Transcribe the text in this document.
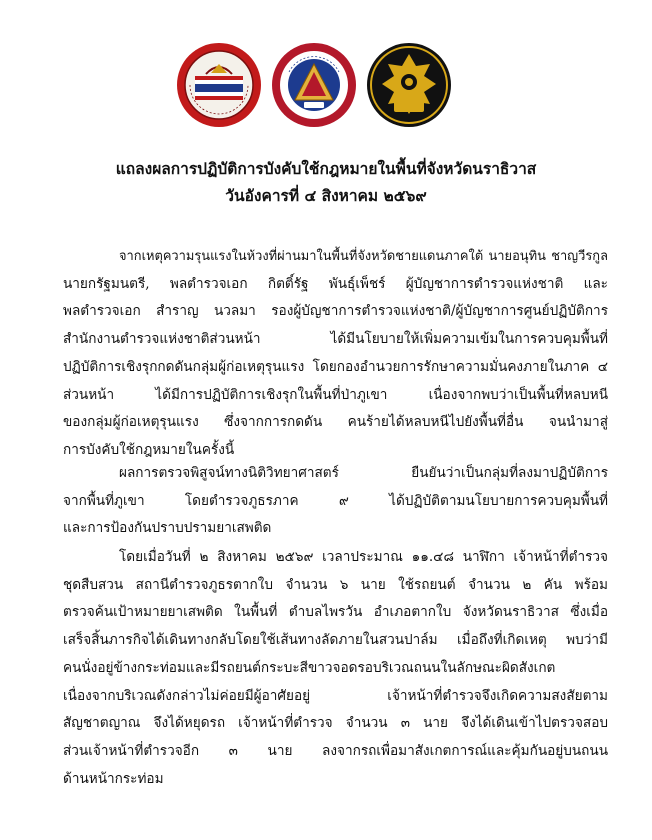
แถลงผลการปฏิบัติการบังคับใช้กฎหมายในพื้นที่จังหวัดนราธิวาส
วันอังคารที่ ๔ สิงหาคม ๒๕๖๙
จากเหตุความรุนแรงในห้วงที่ผ่านมาในพื้นที่จังหวัดชายแดนภาคใต้ นายอนุทิน ชาญวีรกูล
นายกรัฐมนตรี, พลตำรวจเอก กิตติ์รัฐ พันธุ์เพ็ชร์ ผู้บัญชาการตำรวจแห่งชาติ และ
พลตำรวจเอก สำราญ นวลมา รองผู้บัญชาการตำรวจแห่งชาติ/ผู้บัญชาการศูนย์ปฏิบัติการ
สำนักงานตำรวจแห่งชาติส่วนหน้า ได้มีนโยบายให้เพิ่มความเข้มในการควบคุมพื้นที่
ปฏิบัติการเชิงรุกกดดันกลุ่มผู้ก่อเหตุรุนแรง โดยกองอำนวยการรักษาความมั่นคงภายในภาค ๔
ส่วนหน้า ได้มีการปฏิบัติการเชิงรุกในพื้นที่ป่าภูเขา เนื่องจากพบว่าเป็นพื้นที่หลบหนี
ของกลุ่มผู้ก่อเหตุรุนแรง ซึ่งจากการกดดัน คนร้ายได้หลบหนีไปยังพื้นที่อื่น จนนำมาสู่
การบังคับใช้กฎหมายในครั้งนี้
ผลการตรวจพิสูจน์ทางนิติวิทยาศาสตร์ ยืนยันว่าเป็นกลุ่มที่ลงมาปฏิบัติการ
จากพื้นที่ภูเขา โดยตำรวจภูธรภาค ๙ ได้ปฏิบัติตามนโยบายการควบคุมพื้นที่
และการป้องกันปราบปรามยาเสพติด
โดยเมื่อวันที่ ๒ สิงหาคม ๒๕๖๙ เวลาประมาณ ๑๑.๔๘ นาฬิกา เจ้าหน้าที่ตำรวจ
ชุดสืบสวน สถานีตำรวจภูธรตากใบ จำนวน ๖ นาย ใช้รถยนต์ จำนวน ๒ คัน พร้อม
ตรวจค้นเป้าหมายยาเสพติด ในพื้นที่ ตำบลไพรวัน อำเภอตากใบ จังหวัดนราธิวาส ซึ่งเมื่อ
เสร็จสิ้นภารกิจได้เดินทางกลับโดยใช้เส้นทางลัดภายในสวนปาล์ม เมื่อถึงที่เกิดเหตุ พบว่ามี
คนนั่งอยู่ข้างกระท่อมและมีรถยนต์กระบะสีขาวจอดรอบริเวณถนนในลักษณะผิดสังเกต
เนื่องจากบริเวณดังกล่าวไม่ค่อยมีผู้อาศัยอยู่ เจ้าหน้าที่ตำรวจจึงเกิดความสงสัยตาม
สัญชาตญาณ จึงได้หยุดรถ เจ้าหน้าที่ตำรวจ จำนวน ๓ นาย จึงได้เดินเข้าไปตรวจสอบ
ส่วนเจ้าหน้าที่ตำรวจอีก ๓ นาย ลงจากรถเพื่อมาสังเกตการณ์และคุ้มกันอยู่บนถนน
ด้านหน้ากระท่อม
